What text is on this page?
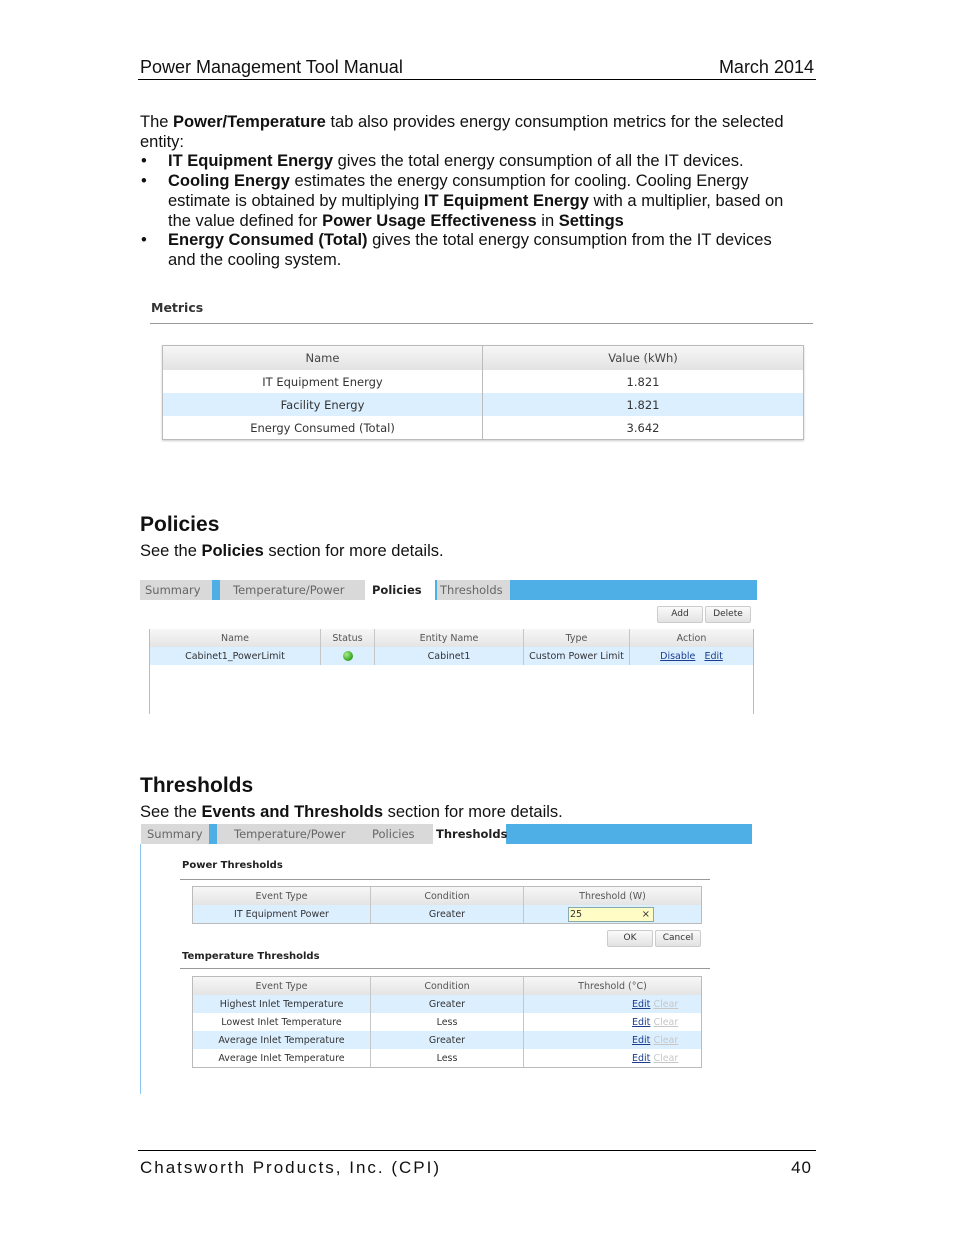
Power Management Tool Manual	March 2014
The Power/Temperature tab also provides energy consumption metrics for the selected
entity:
• IT Equipment Energy gives the total energy consumption of all the IT devices.
• Cooling Energy estimates the energy consumption for cooling. Cooling Energy
estimate is obtained by multiplying IT Equipment Energy with a multiplier, based on
the value defined for Power Usage Effectiveness in Settings
• Energy Consumed (Total) gives the total energy consumption from the IT devices
and the cooling system.
Metrics
Name	Value (kWh)
IT Equipment Energy	1.821
Facility Energy	1.821
Energy Consumed (Total)	3.642
Policies
See the Policies section for more details.
Summary	Temperature/Power	Policies	Thresholds
Add	Delete
Name	Status	Entity Name	Type	Action
Cabinet1_PowerLimit		Cabinet1	Custom Power Limit	Disable Edit
Thresholds
See the Events and Thresholds section for more details.
Summary	Temperature/Power	Policies	Thresholds
Power Thresholds
Event Type	Condition	Threshold (W)
IT Equipment Power	Greater	25 ×
OK	Cancel
Temperature Thresholds
Event Type	Condition	Threshold (°C)
Highest Inlet Temperature	Greater	Edit Clear
Lowest Inlet Temperature	Less	Edit Clear
Average Inlet Temperature	Greater	Edit Clear
Average Inlet Temperature	Less	Edit Clear
Chatsworth Products, Inc. (CPI)	40
